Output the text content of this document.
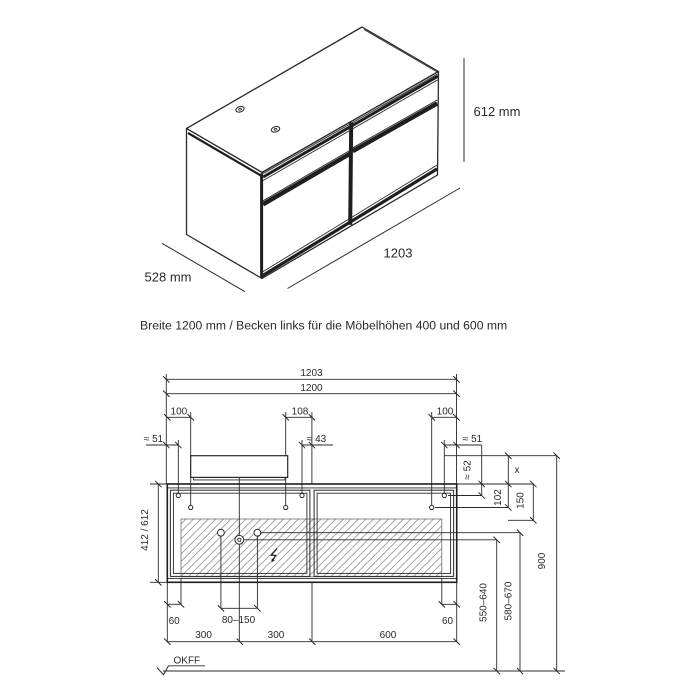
612 mm
1203
528 mm
Breite 1200 mm / Becken links für die Möbelhöhen 400 und 600 mm
1203
1200
100	108	100
≈ 51	≈ 43	≈ 51
≈ 52	x
102 150
412 / 612
550–640 580–670
900
60	80–150	60
300	300	600
OKFF
